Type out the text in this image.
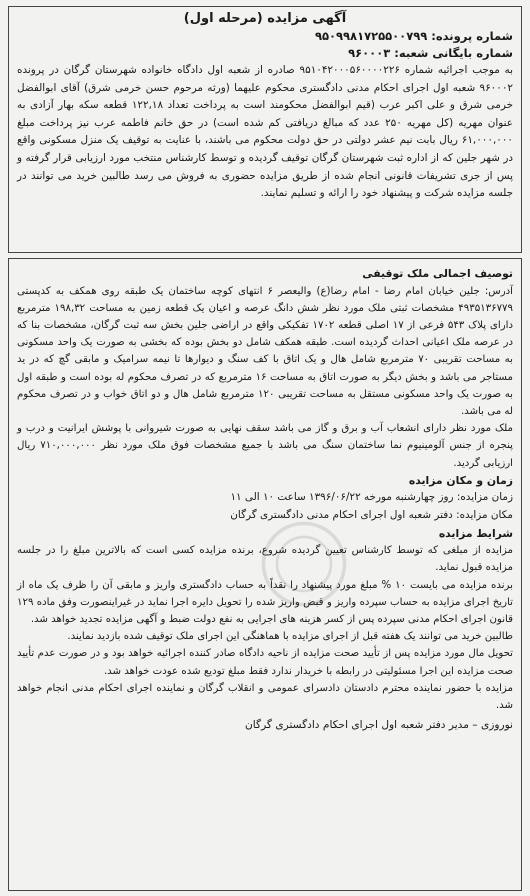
آگهی مزایده (مرحله اول)
شماره پرونده: ۹۵۰۹۹۸۱۷۲۵۵۰۰۷۹۹
شماره بایگانی شعبه: ۹۶۰۰۰۳

به موجب اجرائیه شماره ۹۵۱۰۴۲۰۰۰۵۶۰۰۰۰۲۲۶ صادره از شعبه اول دادگاه خانواده شهرستان گرگان در پرونده ۹۶۰۰۰۲ شعبه اول اجرای احکام مدنی دادگستری محکوم علیهما (ورثه مرحوم حسن خرمی شرق) آقای ابوالفضل خرمی شرق و علی اکبر عرب (قیم ابوالفضل محکومند است به پرداخت تعداد ۱۲۲,۱۸ قطعه سکه بهار آزادی به عنوان مهریه (کل مهریه ۲۵۰ عدد که مبالغ دریافتی کم شده است) در حق خانم فاطمه عرب نیز پرداخت مبلغ ۶۱,۰۰۰,۰۰۰ ریال بابت نیم عشر دولتی در حق دولت محکوم می باشند، با عنایت به توقیف یک منزل مسکونی واقع در شهر جلین که از اداره ثبت شهرستان گرگان توقیف گردیده و توسط کارشناس منتخب مورد ارزیابی قرار گرفته و پس از جری تشریفات قانونی انجام شده از طریق مزایده حضوری به فروش می رسد طالبین خرید می توانند در جلسه مزایده شرکت و پیشنهاد خود را ارائه و تسلیم نمایند.

توصیف اجمالی ملک توقیفی

آدرس: جلین خیابان امام رضا - امام رضا(ع) والیعصر ۶ انتهای کوچه ساختمان یک طبقه روی همکف به کدپستی ۴۹۳۵۱۳۶۷۷۹ مشخصات ثبتی ملک مورد نظر شش دانگ عرصه و اعیان یک قطعه زمین به مساحت ۱۹۸,۳۲ مترمربع دارای پلاک ۵۴۳ فرعی از ۱۷ اصلی قطعه ۱۷۰۲ تفکیکی واقع در اراضی جلین بخش سه ثبت گرگان، مشخصات بنا که در عرصه ملک اعیانی احداث گردیده است. طبقه همکف شامل دو بخش بوده که بخشی به صورت یک واحد مسکونی به مساحت تقریبی ۷۰ مترمربع شامل هال و یک اتاق با کف سنگ و دیوارها تا نیمه سرامیک و مابقی گچ که در ید مستاجر می باشد و بخش دیگر به صورت اتاق به مساحت ۱۶ مترمربع که در تصرف محکوم له بوده است و طبقه اول به صورت یک واحد مسکونی مستقل به مساحت تقریبی ۱۲۰ مترمربع شامل هال و دو اتاق خواب و در تصرف محکوم له می باشد.

ملک مورد نظر دارای انشعاب آب و برق و گاز می باشد سقف نهایی به صورت شیروانی با پوشش ایرانیت و درب و پنجره از جنس آلومینیوم نما ساختمان سنگ می باشد با جمیع مشخصات فوق ملک مورد نظر ۷۱۰,۰۰۰,۰۰۰ ریال ارزیابی گردید.

زمان و مکان مزایده
زمان مزایده: روز چهارشنبه مورخه ۱۳۹۶/۰۶/۲۲ ساعت ۱۰ الی ۱۱
مکان مزایده: دفتر شعبه اول اجرای احکام مدنی دادگستری گرگان
شرایط مزایده

مزایده از مبلغی که توسط کارشناس تعیین گردیده شروع، برنده مزایده کسی است که بالاترین مبلغ را در جلسه مزایده قبول نماید.

برنده مزایده می بایست ۱۰ % مبلغ مورد پیشنهاد را نقداً به حساب دادگستری واریز و مابقی آن را ظرف یک ماه از تاریخ اجرای مزایده به حساب سپرده واریز و قبض واریز شده را تحویل دایره اجرا نماید در غیراینصورت وفق ماده ۱۲۹ قانون اجرای احکام مدنی سپرده پس از کسر هزینه های اجرایی به نفع دولت ضبط و آگهی مزایده تجدید خواهد شد.

طالبین خرید می توانند یک هفته قبل از اجرای مزایده با هماهنگی این اجرای ملک توقیف شده بازدید نمایند.

تحویل مال مورد مزایده پس از تأیید صحت مزایده از ناحیه دادگاه صادر کننده اجرائیه خواهد بود و در صورت عدم تأیید صحت مزایده این اجرا مسئولیتی در رابطه با خریدار ندارد فقط مبلغ تودیع شده عودت خواهد شد.

مزایده با حضور نماینده محترم دادستان دادسرای عمومی و انقلاب گرگان و نماینده اجرای احکام مدنی انجام خواهد شد.

نوروزی – مدیر دفتر شعبه اول اجرای احکام دادگستری گرگان
